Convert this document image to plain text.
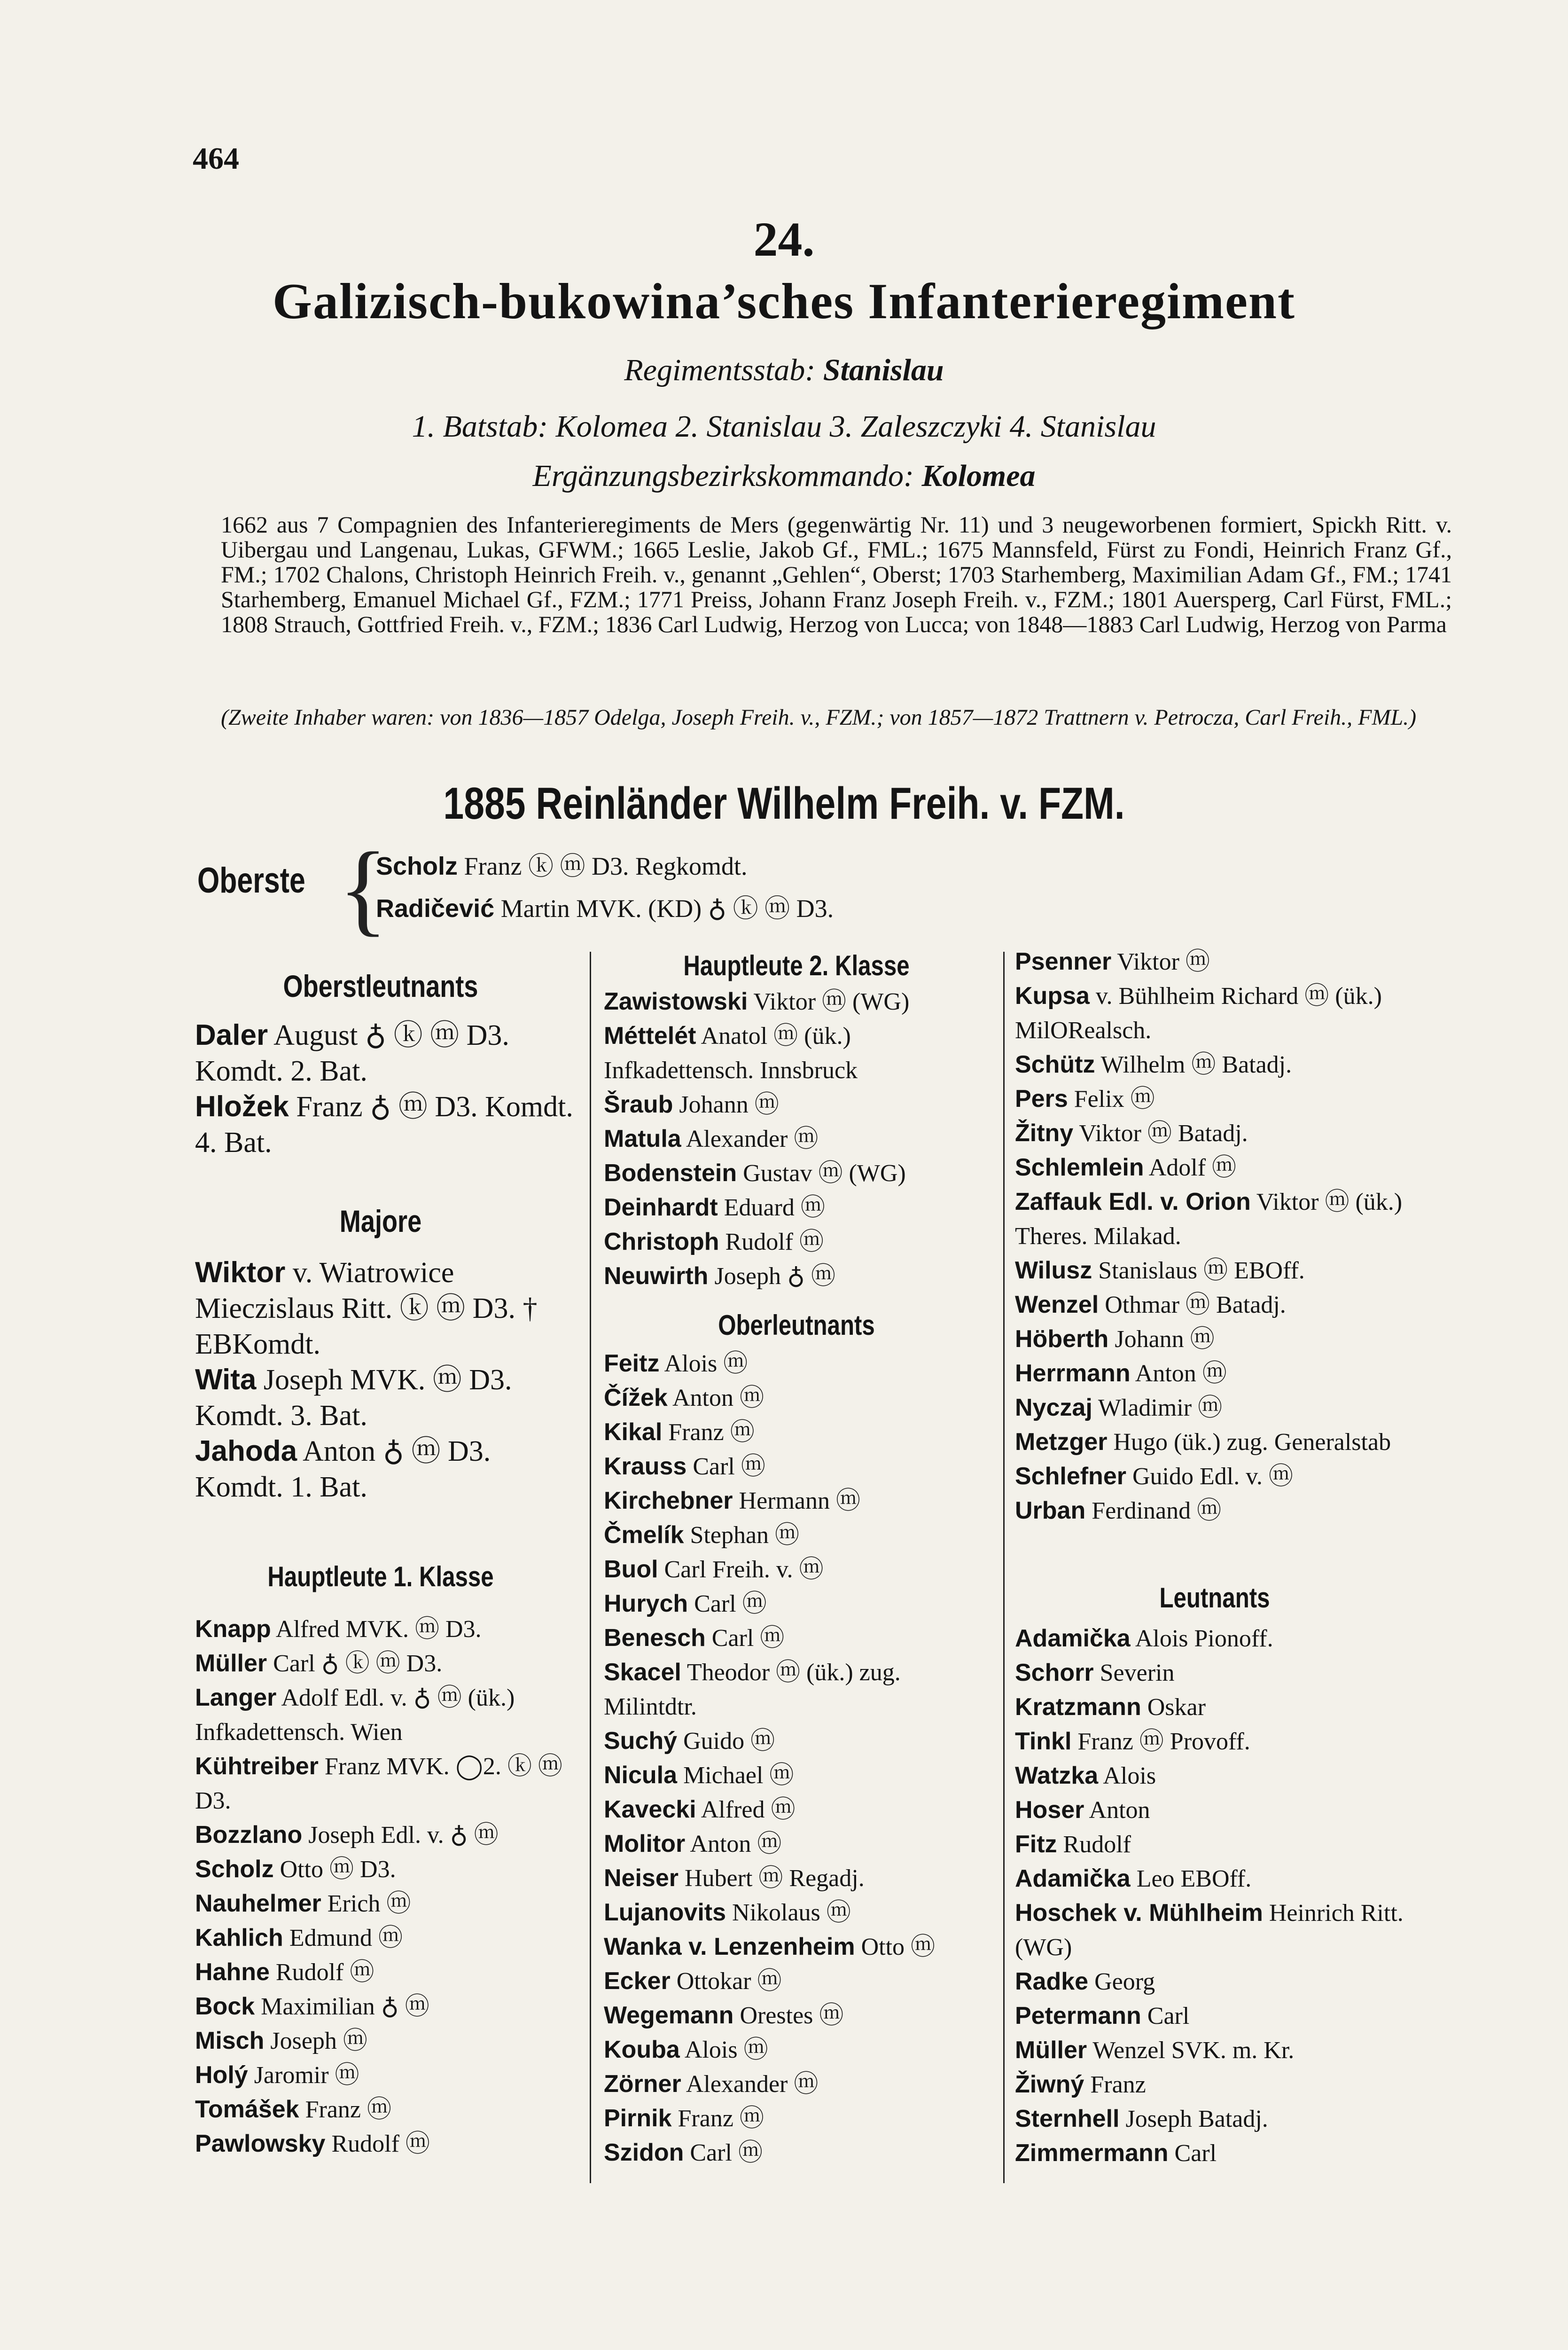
464
24.
Galizisch-bukowina’sches Infanterieregiment
Regimentsstab: Stanislau
1. Batstab: Kolomea 2. Stanislau 3. Zaleszczyki 4. Stanislau
Ergänzungsbezirkskommando: Kolomea
1662 aus 7 Compagnien des Infanterieregiments de Mers (gegenwärtig Nr. 11) und 3 neugeworbenen formiert, Spickh Ritt. v. Uibergau und Langenau, Lukas, GFWM.; 1665 Leslie, Jakob Gf., FML.; 1675 Mannsfeld, Fürst zu Fondi, Heinrich Franz Gf., FM.; 1702 Chalons, Christoph Heinrich Freih. v., genannt „Gehlen“, Oberst; 1703 Starhemberg, Maximilian Adam Gf., FM.; 1741 Starhemberg, Emanuel Michael Gf., FZM.; 1771 Preiss, Johann Franz Joseph Freih. v., FZM.; 1801 Auersperg, Carl Fürst, FML.; 1808 Strauch, Gottfried Freih. v., FZM.; 1836 Carl Ludwig, Herzog von Lucca; von 1848—1883 Carl Ludwig, Herzog von Parma
(Zweite Inhaber waren: von 1836—1857 Odelga, Joseph Freih. v., FZM.; von 1857—1872 Trattnern v. Petrocza, Carl Freih., FML.)
1885 Reinländer Wilhelm Freih. v. FZM.
Oberste {
Scholz Franz ⓚ ⓜ D3. Regkomdt.
Radičević Martin MVK. (KD) ♁ ⓚ ⓜ D3.
Oberstleutnants
Daler August ♁ ⓚ ⓜ D3. Komdt. 2. Bat.
Hložek Franz ♁ ⓜ D3. Komdt. 4. Bat.
Majore
Wiktor v. Wiatrowice Mieczislaus Ritt. ⓚ ⓜ D3. † EBKomdt.
Wita Joseph MVK. ⓜ D3. Komdt. 3. Bat.
Jahoda Anton ♁ ⓜ D3. Komdt. 1. Bat.
Hauptleute 1. Klasse
Knapp Alfred MVK. ⓜ D3.
Müller Carl ♁ ⓚ ⓜ D3.
Langer Adolf Edl. v. ♁ ⓜ (ük.) Infkadettensch. Wien
Kühtreiber Franz MVK. ◯2. ⓚ ⓜ D3.
Bozzlano Joseph Edl. v. ♁ ⓜ
Scholz Otto ⓜ D3.
Nauhelmer Erich ⓜ
Kahlich Edmund ⓜ
Hahne Rudolf ⓜ
Bock Maximilian ♁ ⓜ
Misch Joseph ⓜ
Holý Jaromir ⓜ
Tomášek Franz ⓜ
Pawlowsky Rudolf ⓜ
Hauptleute 2. Klasse
Zawistowski Viktor ⓜ (WG)
Méttelét Anatol ⓜ (ük.) Infkadettensch. Innsbruck
Šraub Johann ⓜ
Matula Alexander ⓜ
Bodenstein Gustav ⓜ (WG)
Deinhardt Eduard ⓜ
Christoph Rudolf ⓜ
Neuwirth Joseph ♁ ⓜ
Oberleutnants
Feitz Alois ⓜ
Čížek Anton ⓜ
Kikal Franz ⓜ
Krauss Carl ⓜ
Kirchebner Hermann ⓜ
Čmelík Stephan ⓜ
Buol Carl Freih. v. ⓜ
Hurych Carl ⓜ
Benesch Carl ⓜ
Skacel Theodor ⓜ (ük.) zug. Milintdtr.
Suchý Guido ⓜ
Nicula Michael ⓜ
Kavecki Alfred ⓜ
Molitor Anton ⓜ
Neiser Hubert ⓜ Regadj.
Lujanovits Nikolaus ⓜ
Wanka v. Lenzenheim Otto ⓜ
Ecker Ottokar ⓜ
Wegemann Orestes ⓜ
Kouba Alois ⓜ
Zörner Alexander ⓜ
Pirnik Franz ⓜ
Szidon Carl ⓜ
Psenner Viktor ⓜ
Kupsa v. Bühlheim Richard ⓜ (ük.) MilORealsch.
Schütz Wilhelm ⓜ Batadj.
Pers Felix ⓜ
Žitny Viktor ⓜ Batadj.
Schlemlein Adolf ⓜ
Zaffauk Edl. v. Orion Viktor ⓜ (ük.) Theres. Milakad.
Wilusz Stanislaus ⓜ EBOff.
Wenzel Othmar ⓜ Batadj.
Höberth Johann ⓜ
Herrmann Anton ⓜ
Nyczaj Wladimir ⓜ
Metzger Hugo (ük.) zug. Generalstab
Schlefner Guido Edl. v. ⓜ
Urban Ferdinand ⓜ
Leutnants
Adamička Alois Pionoff.
Schorr Severin
Kratzmann Oskar
Tinkl Franz ⓜ Provoff.
Watzka Alois
Hoser Anton
Fitz Rudolf
Adamička Leo EBOff.
Hoschek v. Mühlheim Heinrich Ritt. (WG)
Radke Georg
Petermann Carl
Müller Wenzel SVK. m. Kr.
Žiwný Franz
Sternhell Joseph Batadj.
Zimmermann Carl
